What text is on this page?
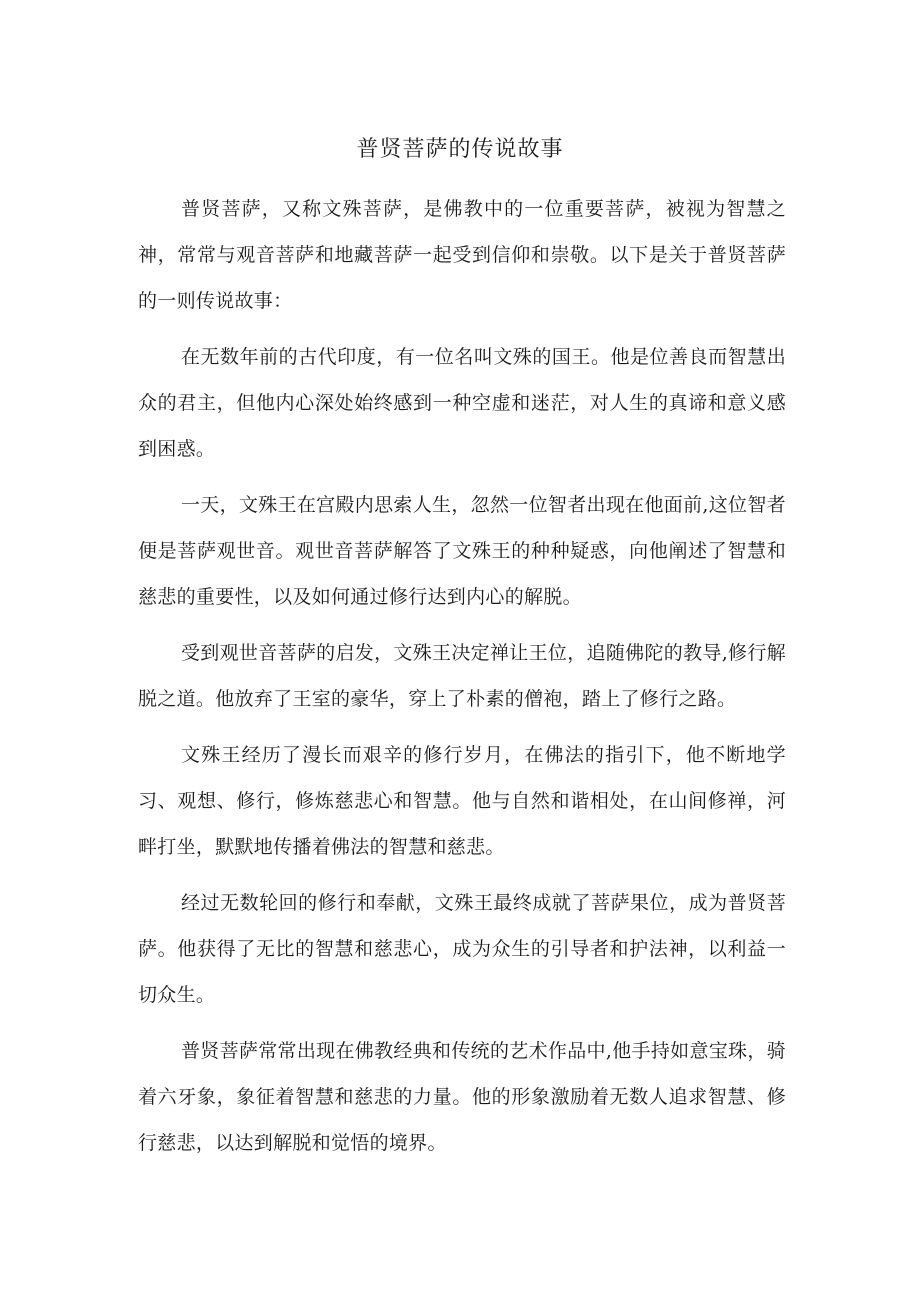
普贤菩萨的传说故事

普贤菩萨，又称文殊菩萨，是佛教中的一位重要菩萨，被视为智慧之神，常常与观音菩萨和地藏菩萨一起受到信仰和崇敬。以下是关于普贤菩萨的一则传说故事：

在无数年前的古代印度，有一位名叫文殊的国王。他是位善良而智慧出众的君主，但他内心深处始终感到一种空虚和迷茫，对人生的真谛和意义感到困惑。

一天，文殊王在宫殿内思索人生，忽然一位智者出现在他面前,这位智者便是菩萨观世音。观世音菩萨解答了文殊王的种种疑惑，向他阐述了智慧和慈悲的重要性，以及如何通过修行达到内心的解脱。

受到观世音菩萨的启发，文殊王决定禅让王位，追随佛陀的教导,修行解脱之道。他放弃了王室的豪华，穿上了朴素的僧袍，踏上了修行之路。

文殊王经历了漫长而艰辛的修行岁月，在佛法的指引下，他不断地学习、观想、修行，修炼慈悲心和智慧。他与自然和谐相处，在山间修禅，河畔打坐，默默地传播着佛法的智慧和慈悲。

经过无数轮回的修行和奉献，文殊王最终成就了菩萨果位，成为普贤菩萨。他获得了无比的智慧和慈悲心，成为众生的引导者和护法神，以利益一切众生。

普贤菩萨常常出现在佛教经典和传统的艺术作品中,他手持如意宝珠，骑着六牙象，象征着智慧和慈悲的力量。他的形象激励着无数人追求智慧、修行慈悲，以达到解脱和觉悟的境界。
